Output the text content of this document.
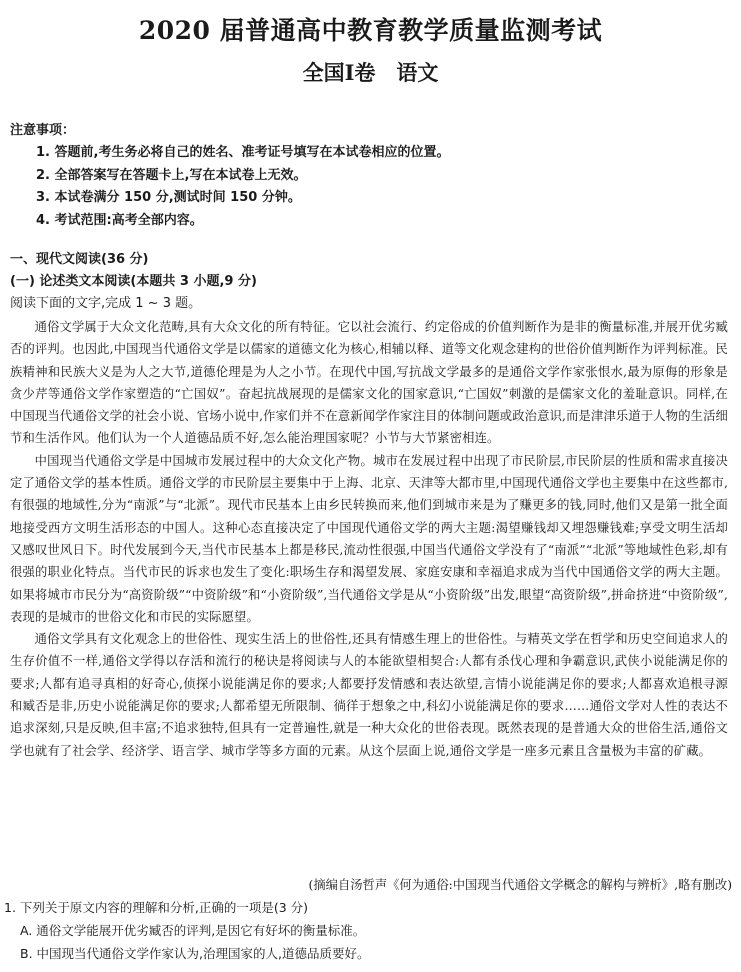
2020 届普通高中教育教学质量监测考试
全国Ⅰ卷　语文
注意事项：
1. 答题前,考生务必将自己的姓名、准考证号填写在本试卷相应的位置。
2. 全部答案写在答题卡上,写在本试卷上无效。
3. 本试卷满分 150 分,测试时间 150 分钟。
4. 考试范围:高考全部内容。
一、现代文阅读(36 分)
(一) 论述类文本阅读(本题共 3 小题,9 分)
阅读下面的文字,完成 1 ~ 3 题。

通俗文学属于大众文化范畴,具有大众文化的所有特征。它以社会流行、约定俗成的价值判断作为是非的衡量标准,并展开优劣臧否的评判。也因此,中国现当代通俗文学是以儒家的道德文化为核心,相辅以释、道等文化观念建构的世俗价值判断作为评判标准。民族精神和民族大义是为人之大节,道德伦理是为人之小节。在现代中国,写抗战文学最多的是通俗文学作家张恨水,最为原侮的形象是贪少芹等通俗文学作家塑造的“亡国奴”。奋起抗战展现的是儒家文化的国家意识,“亡国奴”刺激的是儒家文化的羞耻意识。同样,在中国现当代通俗文学的社会小说、官场小说中,作家们并不在意新闻学作家注目的体制问题或政治意识,而是津津乐道于人物的生活细节和生活作风。他们认为一个人道德品质不好,怎么能治理国家呢？小节与大节紧密相连。

中国现当代通俗文学是中国城市发展过程中的大众文化产物。城市在发展过程中出现了市民阶层,市民阶层的性质和需求直接决定了通俗文学的基本性质。通俗文学的市民阶层主要集中于上海、北京、天津等大都市里,中国现代通俗文学也主要集中在这些都市,有很强的地域性,分为“南派”与“北派”。现代市民基本上由乡民转换而来,他们到城市来是为了赚更多的钱,同时,他们又是第一批全面地接受西方文明生活形态的中国人。这种心态直接决定了中国现代通俗文学的两大主题:渴望赚钱却又埋怨赚钱难;享受文明生活却又感叹世风日下。时代发展到今天,当代市民基本上都是移民,流动性很强,中国当代通俗文学没有了“南派”“北派”等地域性色彩,却有很强的职业化特点。当代市民的诉求也发生了变化:职场生存和渴望发展、家庭安康和幸福追求成为当代中国通俗文学的两大主题。如果将城市市民分为“高资阶级”“中资阶级”和“小资阶级”,当代通俗文学是从“小资阶级”出发,眼望“高资阶级”,拼命挤进“中资阶级”,表现的是城市的世俗文化和市民的实际愿望。

通俗文学具有文化观念上的世俗性、现实生活上的世俗性,还具有情感生理上的世俗性。与精英文学在哲学和历史空间追求人的生存价值不一样,通俗文学得以存活和流行的秘诀是将阅读与人的本能欲望相契合:人都有杀伐心理和争霸意识,武侠小说能满足你的要求;人都有追寻真相的好奇心,侦探小说能满足你的要求;人都要抒发情感和表达欲望,言情小说能满足你的要求;人都喜欢追根寻源和臧否是非,历史小说能满足你的要求;人都希望无所限制、徜徉于想象之中,科幻小说能满足你的要求……通俗文学对人性的表达不追求深刻,只是反映,但丰富;不追求独特,但具有一定普遍性,就是一种大众化的世俗表现。既然表现的是普通大众的世俗生活,通俗文学也就有了社会学、经济学、语言学、城市学等多方面的元素。从这个层面上说,通俗文学是一座多元素且含量极为丰富的矿藏。

(摘编自汤哲声《何为通俗:中国现当代通俗文学概念的解构与辨析》,略有删改)
1. 下列关于原文内容的理解和分析,正确的一项是(3 分)
A. 通俗文学能展开优劣臧否的评判,是因它有好坏的衡量标准。
B. 中国现当代通俗文学作家认为,治理国家的人,道德品质要好。
